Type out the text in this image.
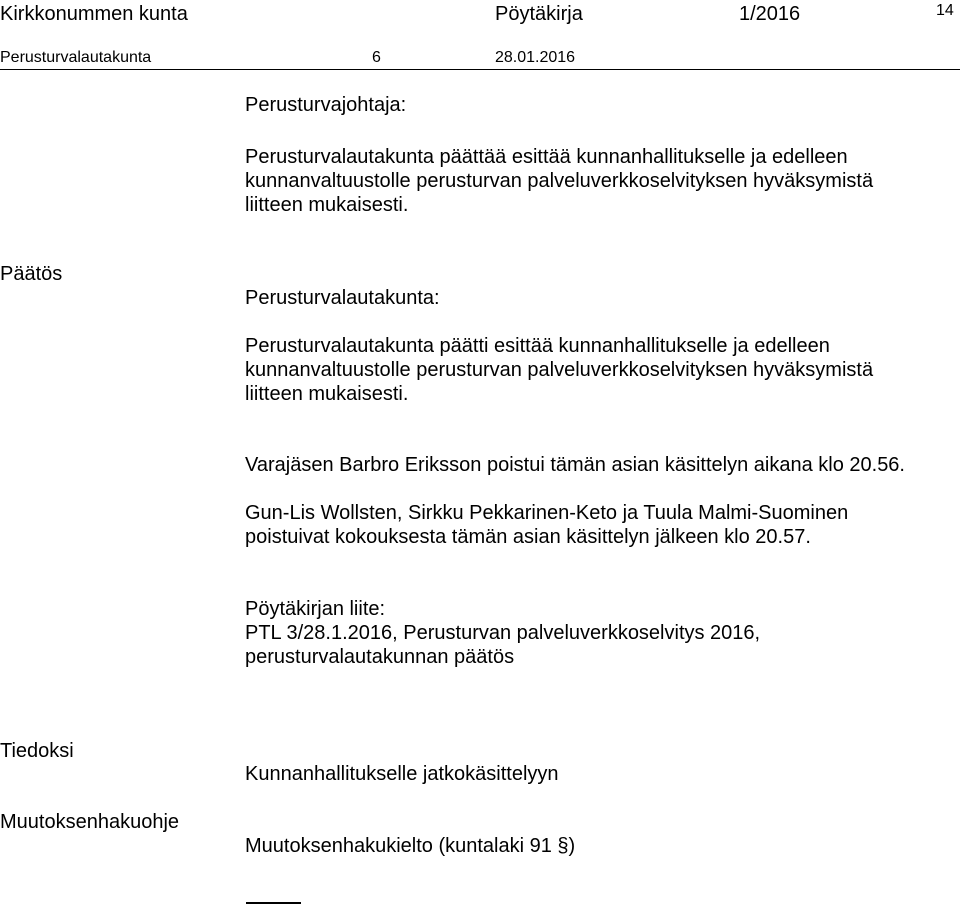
Kirkkonummen kunta	Pöytäkirja	1/2016	14
Perusturvalautakunta	6	28.01.2016
Perusturvajohtaja:
Perusturvalautakunta päättää esittää kunnanhallitukselle ja edelleen
kunnanvaltuustolle perusturvan palveluverkkoselvityksen hyväksymistä
liitteen mukaisesti.
Päätös
Perusturvalautakunta:
Perusturvalautakunta päätti esittää kunnanhallitukselle ja edelleen
kunnanvaltuustolle perusturvan palveluverkkoselvityksen hyväksymistä
liitteen mukaisesti.
Varajäsen Barbro Eriksson poistui tämän asian käsittelyn aikana klo 20.56.
Gun-Lis Wollsten, Sirkku Pekkarinen-Keto ja Tuula Malmi-Suominen
poistuivat kokouksesta tämän asian käsittelyn jälkeen klo 20.57.
Pöytäkirjan liite:
PTL 3/28.1.2016, Perusturvan palveluverkkoselvitys 2016,
perusturvalautakunnan päätös
Tiedoksi
Kunnanhallitukselle jatkokäsittelyyn
Muutoksenhakuohje
Muutoksenhakukielto (kuntalaki 91 §)
